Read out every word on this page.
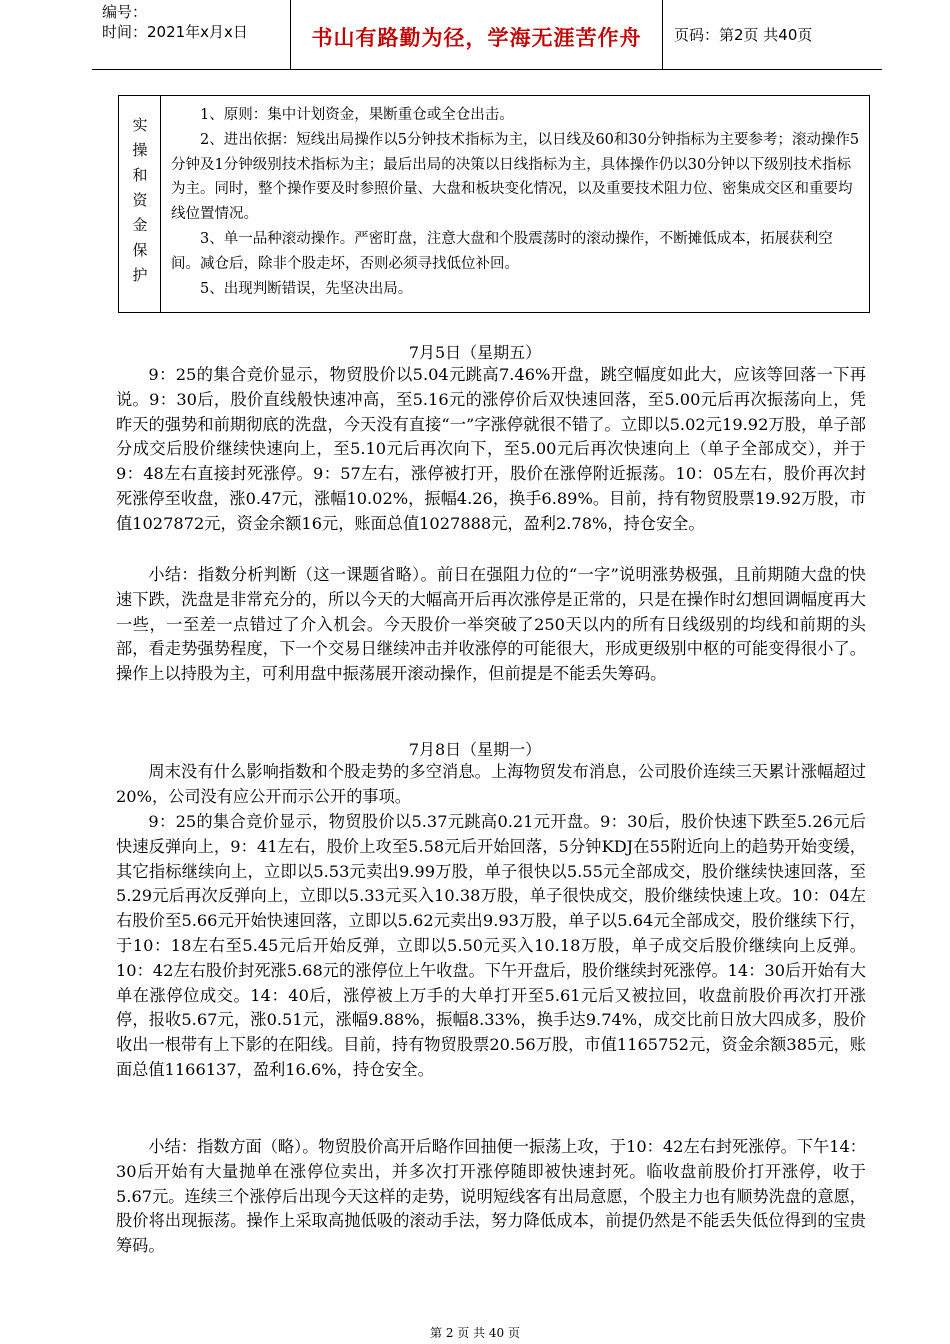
编号：
时间：2021年x月x日	书山有路勤为径，学海无涯苦作舟	页码：第2页 共40页
实
操
和
资
金
保
护

1、原则：集中计划资金，果断重仓或全仓出击。

2、进出依据：短线出局操作以5分钟技术指标为主，以日线及60和30分钟指标为主要参考；滚动操作5分钟及1分钟级别技术指标为主；最后出局的决策以日线指标为主，具体操作仍以30分钟以下级别技术指标为主。同时，整个操作要及时参照价量、大盘和板块变化情况，以及重要技术阻力位、密集成交区和重要均线位置情况。

3、单一品种滚动操作。严密盯盘，注意大盘和个股震荡时的滚动操作，不断摊低成本，拓展获利空间。减仓后，除非个股走坏，否则必须寻找低位补回。

5、出现判断错误，先坚决出局。

7月5日（星期五）

9：25的集合竞价显示，物贸股价以5.04元跳高7.46%开盘，跳空幅度如此大，应该等回落一下再说。9：30后，股价直线般快速冲高，至5.16元的涨停价后双快速回落，至5.00元后再次振荡向上，凭昨天的强势和前期彻底的洗盘，今天没有直接“一”字涨停就很不错了。立即以5.02元19.92万股，单子部分成交后股价继续快速向上，至5.10元后再次向下，至5.00元后再次快速向上（单子全部成交），并于9：48左右直接封死涨停。9：57左右，涨停被打开，股价在涨停附近振荡。10：05左右，股价再次封死涨停至收盘，涨0.47元，涨幅10.02%，振幅4.26，换手6.89%。目前，持有物贸股票19.92万股，市值1027872元，资金余额16元，账面总值1027888元，盈利2.78%，持仓安全。

小结：指数分析判断（这一课题省略）。前日在强阻力位的“一字”说明涨势极强，且前期随大盘的快速下跌，洗盘是非常充分的，所以今天的大幅高开后再次涨停是正常的，只是在操作时幻想回调幅度再大一些，一至差一点错过了介入机会。今天股价一举突破了250天以内的所有日线级别的均线和前期的头部，看走势强势程度，下一个交易日继续冲击并收涨停的可能很大，形成更级别中枢的可能变得很小了。操作上以持股为主，可利用盘中振荡展开滚动操作，但前提是不能丢失筹码。

7月8日（星期一）

周末没有什么影响指数和个股走势的多空消息。上海物贸发布消息，公司股价连续三天累计涨幅超过20%，公司没有应公开而示公开的事项。

9：25的集合竞价显示，物贸股价以5.37元跳高0.21元开盘。9：30后，股价快速下跌至5.26元后快速反弹向上，9：41左右，股价上攻至5.58元后开始回落，5分钟KDJ在55附近向上的趋势开始变缓，其它指标继续向上，立即以5.53元卖出9.99万股，单子很快以5.55元全部成交，股价继续快速回落，至5.29元后再次反弹向上，立即以5.33元买入10.38万股，单子很快成交，股价继续快速上攻。10：04左右股价至5.66元开始快速回落，立即以5.62元卖出9.93万股，单子以5.64元全部成交，股价继续下行，于10：18左右至5.45元后开始反弹，立即以5.50元买入10.18万股，单子成交后股价继续向上反弹。10：42左右股价封死涨5.68元的涨停位上午收盘。下午开盘后，股价继续封死涨停。14：30后开始有大单在涨停位成交。14：40后，涨停被上万手的大单打开至5.61元后又被拉回，收盘前股价再次打开涨停，报收5.67元，涨0.51元，涨幅9.88%，振幅8.33%，换手达9.74%，成交比前日放大四成多，股价收出一根带有上下影的在阳线。目前，持有物贸股票20.56万股，市值1165752元，资金余额385元，账面总值1166137，盈利16.6%，持仓安全。

小结：指数方面（略）。物贸股价高开后略作回抽便一振荡上攻，于10：42左右封死涨停。下午14：30后开始有大量抛单在涨停位卖出，并多次打开涨停随即被快速封死。临收盘前股价打开涨停，收于5.67元。连续三个涨停后出现今天这样的走势，说明短线客有出局意愿，个股主力也有顺势洗盘的意愿，股价将出现振荡。操作上采取高抛低吸的滚动手法，努力降低成本，前提仍然是不能丢失低位得到的宝贵筹码。

第 2 页 共 40 页
